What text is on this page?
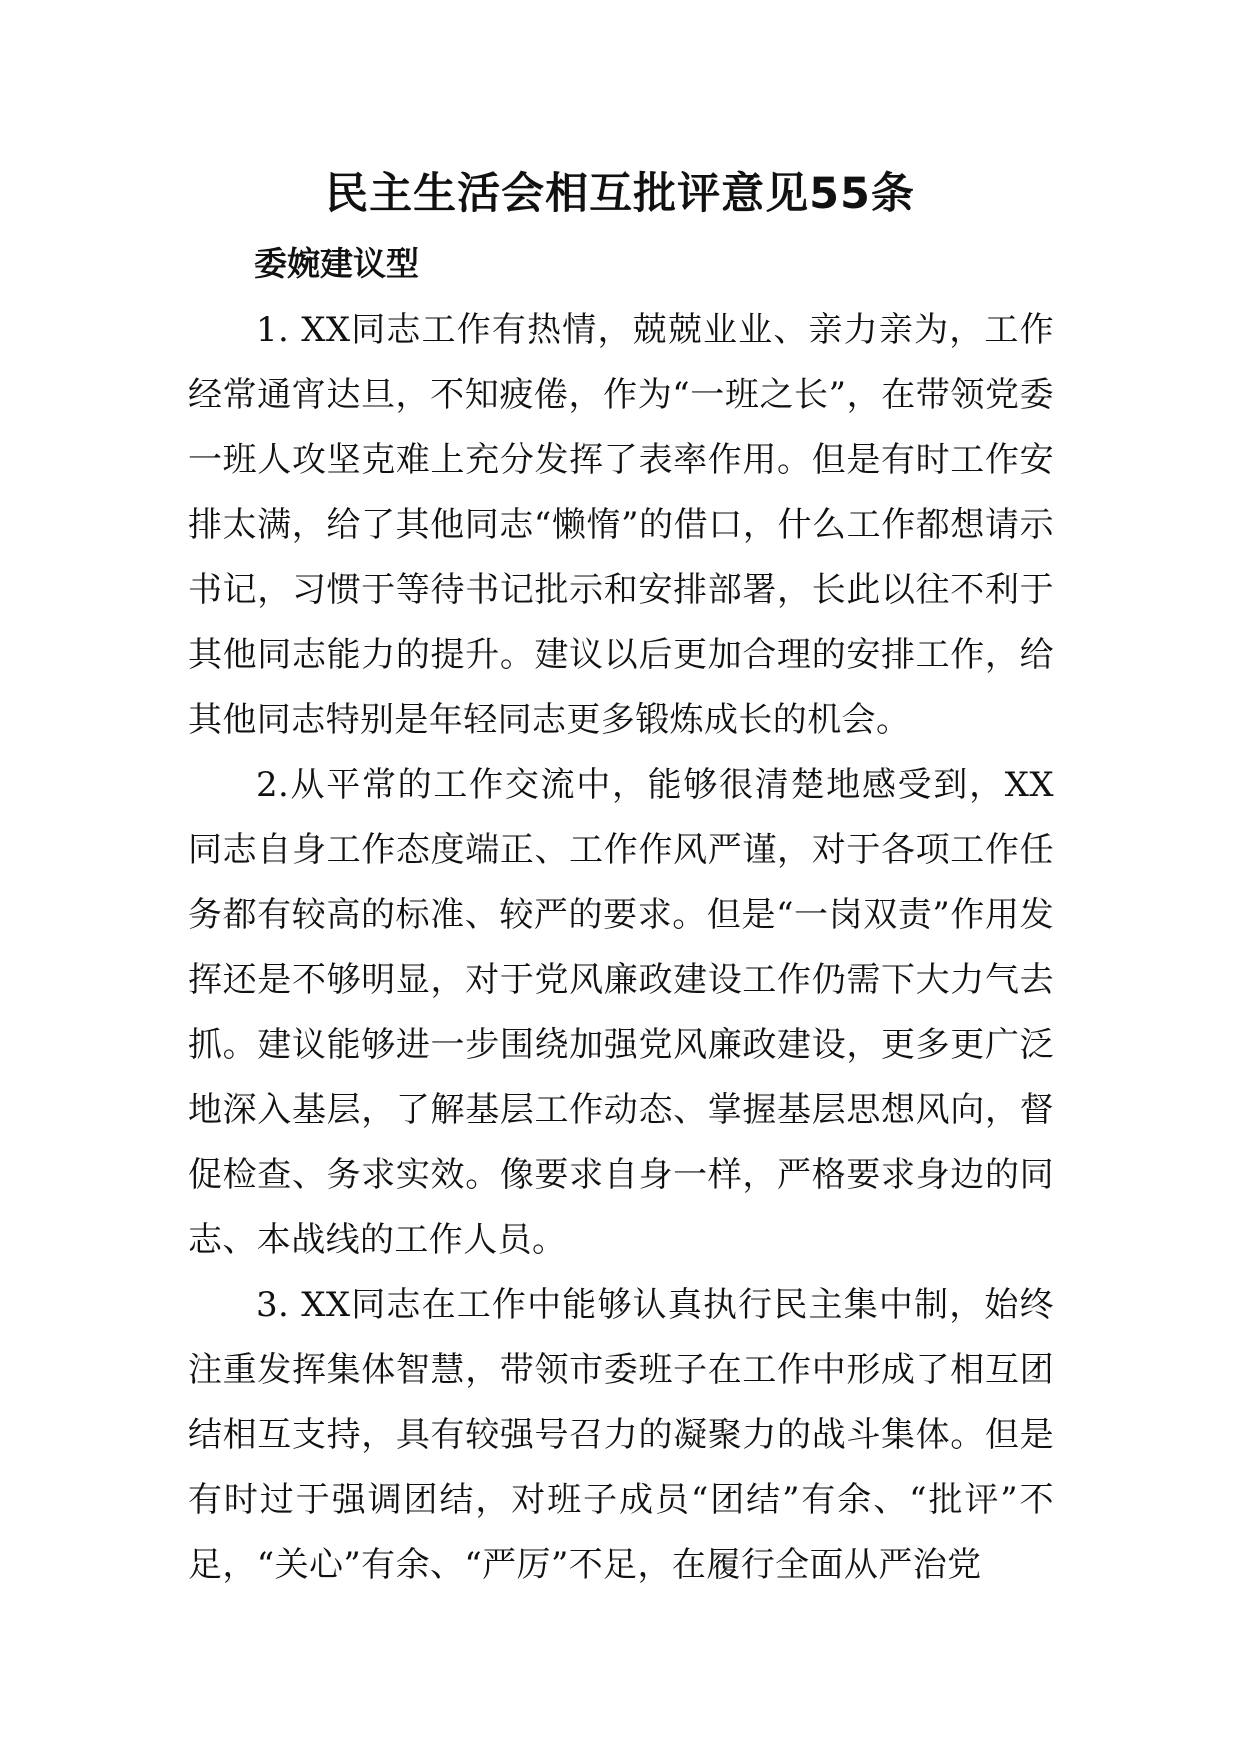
民主生活会相互批评意见55条
委婉建议型

1. XX同志工作有热情，兢兢业业、亲力亲为，工作经常通宵达旦，不知疲倦，作为“一班之长”，在带领党委一班人攻坚克难上充分发挥了表率作用。但是有时工作安排太满，给了其他同志“懒惰”的借口，什么工作都想请示书记，习惯于等待书记批示和安排部署，长此以往不利于其他同志能力的提升。建议以后更加合理的安排工作，给其他同志特别是年轻同志更多锻炼成长的机会。

2.从平常的工作交流中，能够很清楚地感受到，XX同志自身工作态度端正、工作作风严谨，对于各项工作任务都有较高的标准、较严的要求。但是“一岗双责”作用发挥还是不够明显，对于党风廉政建设工作仍需下大力气去抓。建议能够进一步围绕加强党风廉政建设，更多更广泛地深入基层，了解基层工作动态、掌握基层思想风向，督促检查、务求实效。像要求自身一样，严格要求身边的同志、本战线的工作人员。

3. XX同志在工作中能够认真执行民主集中制，始终注重发挥集体智慧，带领市委班子在工作中形成了相互团结相互支持，具有较强号召力的凝聚力的战斗集体。但是有时过于强调团结，对班子成员“团结”有余、“批评”不足，“关心”有余、“严厉”不足，在履行全面从严治党
